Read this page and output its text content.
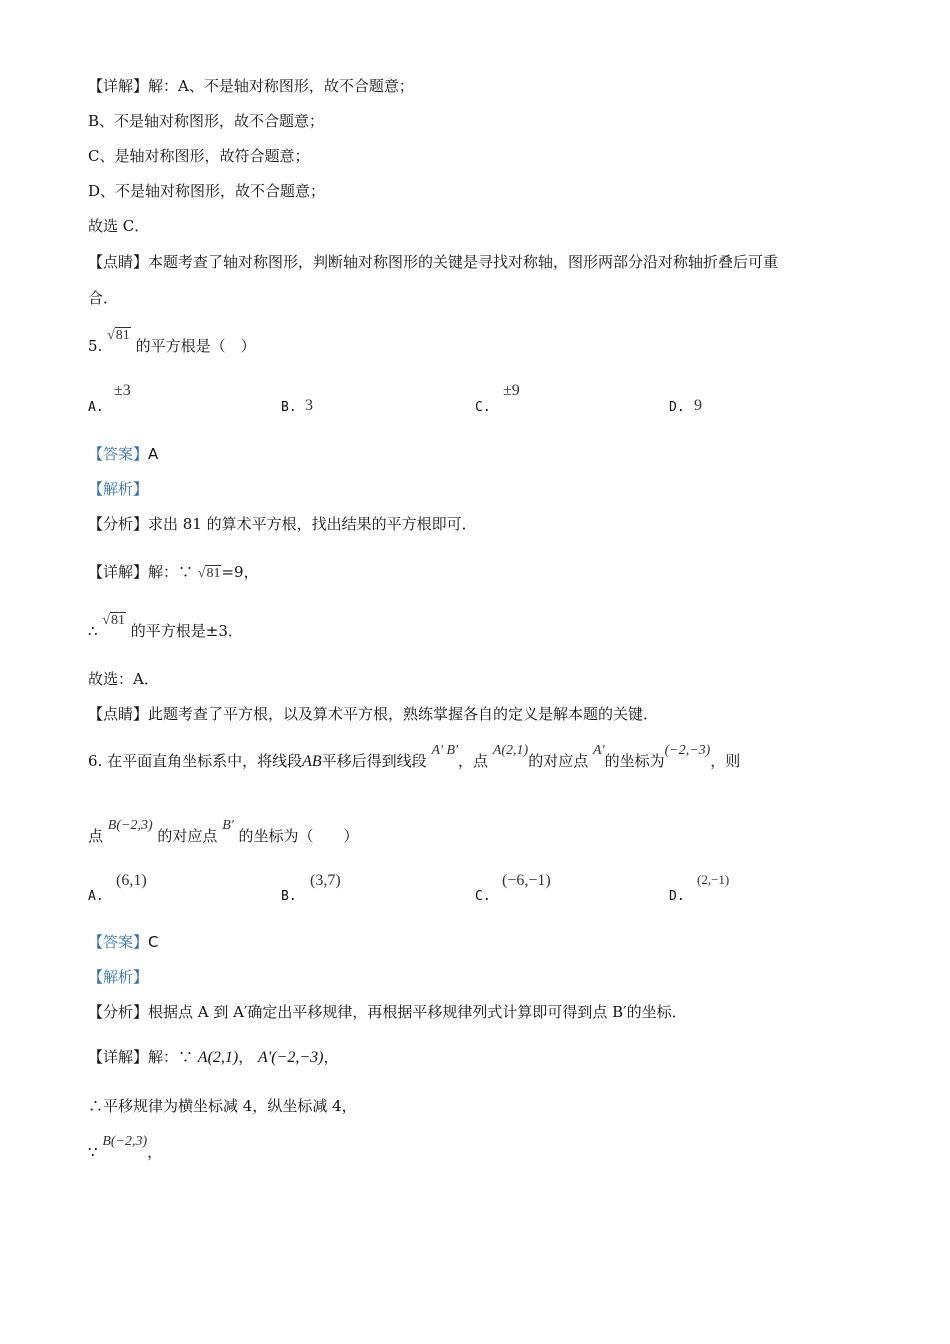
【详解】解：A、不是轴对称图形，故不合题意；
B、不是轴对称图形，故不合题意；
C、是轴对称图形，故符合题意；
D、不是轴对称图形，故不合题意；
故选 C．
【点睛】本题考查了轴对称图形，判断轴对称图形的关键是寻找对称轴，图形两部分沿对称轴折叠后可重
合．
5. √81 的平方根是（　）
A.
±3
B. 3	C.
±9
D. 9
【答案】A
【解析】
【分析】求出 81 的算术平方根，找出结果的平方根即可．
【详解】解：∵ √81=9，
∴ √81 的平方根是±3．
故选：A．
【点睛】此题考查了平方根，以及算术平方根，熟练掌握各自的定义是解本题的关键．
6. 在平面直角坐标系中，将线段AB平移后得到线段 A' B'，点 A(2,1)的对应点 A'的坐标为(−2,−3)，则
点 B(−2,3) 的对应点 B' 的坐标为（　　）
A.
(6,1)
B.
(3,7)
C.
(−6,−1)
D.
(2,−1)
【答案】C
【解析】
【分析】根据点 A 到 A′确定出平移规律，再根据平移规律列式计算即可得到点 B′的坐标．
【详解】解：∵ A(2,1)， A'(−2,−3)，
∴平移规律为横坐标减 4，纵坐标减 4，
∵ B(−2,3)，
